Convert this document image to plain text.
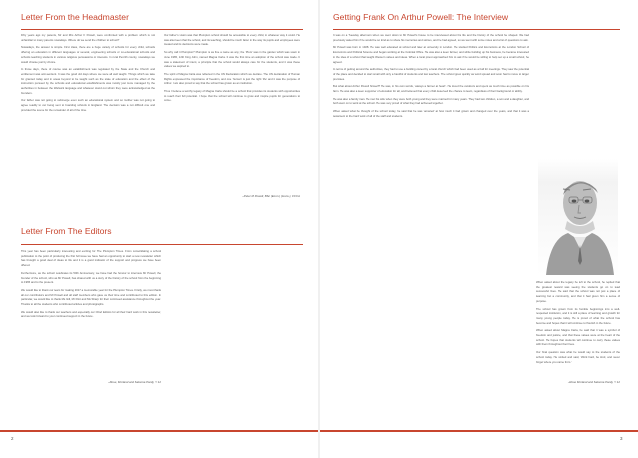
Letter From the Headmaster

Fifty years ago my parents, Mr and Mrs Arthur F Powell, were confronted with a problem which is not unfamiliar to many parents nowadays. Where do we send the children to school?

Nowadays, the answer is simple. First class, there are a huge variety of schools for every child, schools offering an education in different languages or several, engineering schools or co-educational schools and schools teaching students in various religious persuasions or interests. In rural Penrith county, nowadays we would choose just by choice.

In those days, there of course was an establishment was regulated by the State and the Church and entitlement was anti-sentient. It was the good old days where we were all well taught. Things which we take for granted today and in areas beyond to be taught such as the state of education and the effect of the instruction pursued by the schools and educational establishments was mostly just more managed by the authorities in between the Warwick language and whatever stood out whom they were acknowledged as the founders.

Our father was not going to submerge even such an educational system and so mother was not going to agree readily to our being sent to boarding schools in England. The decision was a not difficult one and provided the scene for the remainder of all of the time.

Our father’s vision was that Plumpton school should be accessible to every child, in whatever way it could. He was also keen that the school, and its teaching, should be much fairer in the way its pupils and employees were treated and its decisions were made.

So why call it Plumpton? Plumpton is as fine a name as any; the ‘Plum’ was in the garden which was sown in June 1965, 12th King John, named Magna Carta. It was the first time an adoption of the school was made. It was a statement of intent, a principle that the school would always care for the students, and it was these values we aspired to.

The spirit of Magna Carta was reflected in the UN Declaration which we declare. The UN declaration of Human Rights expressed the importance of freedom, and one ‘human’ is just the right ‘life’ and it was the purpose of Arthur. I am also proud to say that the school has grown as an institution.

Thus I believe a worthy legacy of Magna Carta should be a school that provides its students with opportunities to reach their full potential. I hope that the school will continue to grow and inspire pupils for generations to come.

~Peter M Powell, BSc (Econ.) (Hons.), FCCA
Letter From The Editors

This year has been particularly interesting and exciting for The Plumpton Times. From consolidating a school publication to the point of producing the first full issue we have had an opportunity to start a new newsletter which has brought a good deal of ideas to life and it is a good indicator of the support and progress we have been offered.

Furthermore, as the school celebrates its 50th Anniversary, we have had the honour to interview Mr Powell, the founder of the school, who as Mr Powell, has shared with us a story of the history of the school from the beginning to 1965 and to the present.

We would like to thank our team for making 2017 a memorable year for the Plumpton Times. Firstly, we must thank all our contributors and Mr Powell and all staff members who gave us their time and contributed to this edition. In particular, we would like to thank Ms Gill, Mr Flint and Ms Sharp for their continued assistance throughout the year. Thanks to all the students who contributed articles and photographs.

We would also like to thank our teachers and especially our Chief Editors for all their hard work in this newsletter, and we look forward to your continued support in the future.

~Rose, Morland and Saloona Pardy, Y 12
2
Getting Frank On Arthur Powell: The Interview

It was on a Tuesday afternoon when we went down to Mr Powell’s house to be interviewed about his life and the history of the school he shaped. We had previously asked him if he would be so kind as to share his memories and stories, and he had agreed, so we went with some notes and a list of questions to ask.

Mr Powell was born in 1928. He was well educated at school and later at university in London. He studied Politics and Economics at the London School of Economics and Political Science and began working at the Colonial Office. He was also a keen farmer, and while building up his business, he became interested in the idea of a school that taught Western values and ideas. When a local priest approached him to ask if he would be willing to help set up a small school, he agreed.

In terms of getting around the authorities, they had to use a building owned by a local church which had been used as a hall for meetings. They saw the potential of the place and decided to start small with only a handful of students and two teachers. The school grew quickly as word spread and soon had to move to larger premises.

But what about Arthur Powell himself? He was, in his own words, ‘always a farmer at heart’. He loved the outdoors and spent as much time as possible on his farm. He was also a keen supporter of education for all, and believed that every child deserved the chance to learn, regardless of their background or ability.

He was also a family man. He met his wife when they were both young and they were married for many years. They had two children, a son and a daughter, and both went on to work at the school. He was very proud of what they had achieved together.

When asked what he thought of the school today, he said that he was ‘amazed’ at how much it had grown and changed over the years, and that it was a testament to the hard work of all of the staff and students.

When asked about the legacy he left to the school, he replied that the greatest reward was seeing the students go on to lead successful lives. He said that the school was not just a place of learning but a community, and that it had given him a sense of purpose.

The school has grown from its humble beginnings into a well-respected institution, and it is still a place of learning and growth for many young people today. He is proud of what the school has become and hopes that it will continue to flourish in the future.

When asked about Magna Carta, he said that it was a symbol of freedom and justice, and that these values were at the heart of the school. He hopes that students will continue to carry these values with them throughout their lives.

Our final question was what he would say to the students of the school today. He smiled and said, ‘Work hard, be kind, and never forget where you came from.’

~Rose Morland and Saloona Pardy, Y 12
3
